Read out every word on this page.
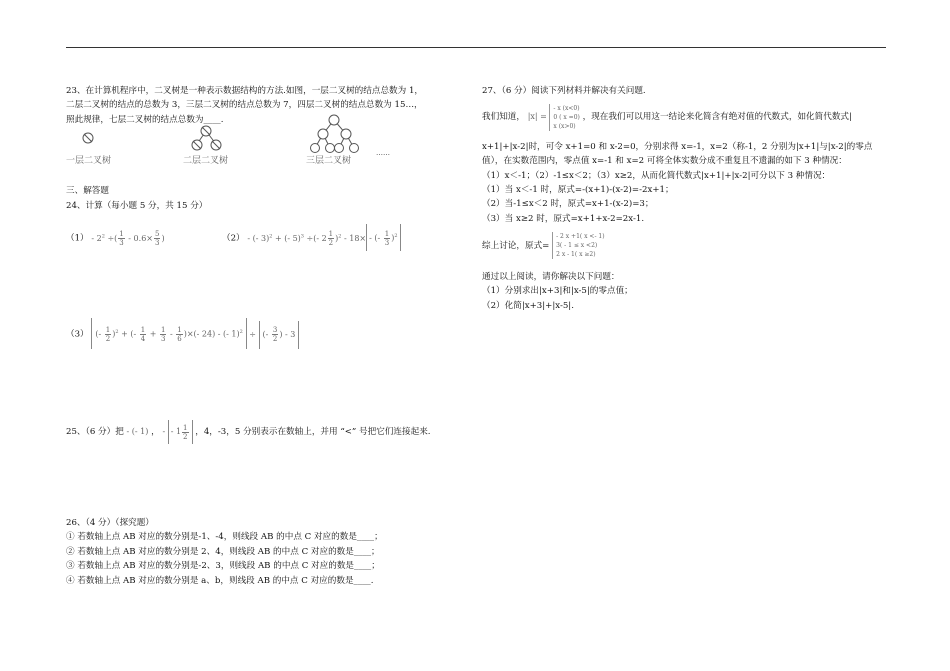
23、在计算机程序中，二叉树是一种表示数据结构的方法.如图，一层二叉树的结点总数为 1，
二层二叉树的结点的总数为 3，三层二叉树的结点总数为 7，四层二叉树的结点总数为 15…，
照此规律，七层二叉树的结点总数为____.
一层二叉树	二层二叉树	三层二叉树
……
三、解答题
24、计算（每小题 5 分，共 15 分）
$(1) - 2^2$ ÷( $\frac{1}{3} - 0.6\times \frac{5}{3}$ )	（2） - (- 3)$^2$ + (- 5)$^3$ ÷(- $2 \frac{1}{2} )^2 - 18\times$ - (- $\frac{1}{3} )^2$
（3） (- $\frac{1}{2} )^2$ + (- $\frac{1}{4} + \frac{1}{3} - \frac{1}{6}$ )×(- 24) - (- 1)$^2$ ÷ (- $\frac{3}{2}$ ) - 3
25、（6 分）把 - (- 1) ， - - $1 \frac{1}{2}$ ，4，-3，5 分别表示在数轴上，并用 “<” 号把它们连接起来.
26、（4 分）（探究题）
① 若数轴上点 AB 对应的数分别是-1、-4，则线段 AB 的中点 C 对应的数是____；
② 若数轴上点 AB 对应的数分别是 2、4，则线段 AB 的中点 C 对应的数是____；
③ 若数轴上点 AB 对应的数分别是-2、3，则线段 AB 的中点 C 对应的数是____；
④ 若数轴上点 AB 对应的数分别是 a、b，则线段 AB 的中点 C 对应的数是____.
27、（6 分）阅读下列材料并解决有关问题.
我们知道， |x| = - x (x<0)
0 ( x =0)
x (x>0) ，现在我们可以用这一结论来化简含有绝对值的代数式，如化简代数式|
x+1|+|x-2|时，可令 x+1=0 和 x-2=0，分别求得 x=-1，x=2（称-1，2 分别为|x+1|与|x-2|的零点
值），在实数范围内，零点值 x=-1 和 x=2 可将全体实数分成不重复且不遗漏的如下 3 种情况：
（1）x＜-1；（2）-1≤x＜2；（3）x≥2，从而化简代数式|x+1|+|x-2|可分以下 3 种情况：
（1）当 x＜-1 时，原式=-(x+1)-(x-2)=-2x+1；
（2）当-1≤x＜2 时，原式=x+1-(x-2)=3；
（3）当 x≥2 时，原式=x+1+x-2=2x-1.
综上讨论，原式= - 2 x +1( x <- 1)
3( - 1 ≤ x <2)
2 x - 1( x ≥2)
通过以上阅读，请你解决以下问题：
（1）分别求出|x+3|和|x-5|的零点值；
（2）化简|x+3|+|x-5|.
